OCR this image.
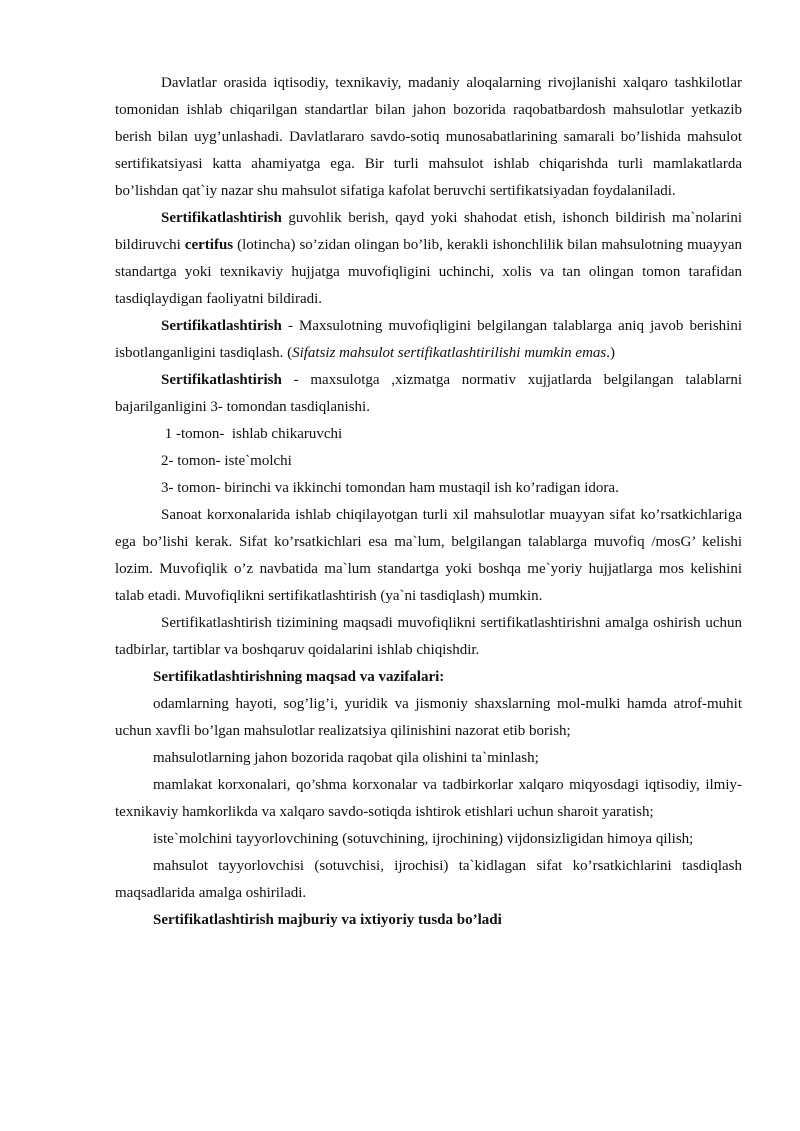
Davlatlar orasida iqtisodiy, texnikaviy, madaniy aloqalarning rivojlanishi xalqaro tashkilotlar tomonidan ishlab chiqarilgan standartlar bilan jahon bozorida raqobatbardosh mahsulotlar yetkazib berish bilan uyg’unlashadi. Davlatlararo savdo-sotiq munosabatlarining samarali bo’lishida mahsulot sertifikatsiyasi katta ahamiyatga ega. Bir turli mahsulot ishlab chiqarishda turli mamlakatlarda bo’lishdan qat`iy nazar shu mahsulot sifatiga kafolat beruvchi sertifikatsiyadan foydalaniladi.

Sertifikatlashtirish guvohlik berish, qayd yoki shahodat etish, ishonch bildirish ma`nolarini bildiruvchi certifus (lotincha) so’zidan olingan bo’lib, kerakli ishonchlilik bilan mahsulotning muayyan standartga yoki texnikaviy hujjatga muvofiqligini uchinchi, xolis va tan olingan tomon tarafidan tasdiqlaydigan faoliyatni bildiradi.

Sertifikatlashtirish - Maxsulotning muvofiqligini belgilangan talablarga aniq javob berishini isbotlanganligini tasdiqlash. (Sifatsiz mahsulot sertifikatlashtirilishi mumkin emas.)

Sertifikatlashtirish - maxsulotga ,xizmatga normativ xujjatlarda belgilangan talablarni bajarilganligini 3- tomondan tasdiqlanishi.

1 -tomon-  ishlab chikaruvchi

2- tomon- iste`molchi

3- tomon- birinchi va ikkinchi tomondan ham mustaqil ish ko’radigan idora.

Sanoat korxonalarida ishlab chiqilayotgan turli xil mahsulotlar muayyan sifat ko’rsatkichlariga ega bo’lishi kerak. Sifat ko’rsatkichlari esa ma`lum, belgilangan talablarga muvofiq /mosG’ kelishi lozim. Muvofiqlik o’z navbatida ma`lum standartga yoki boshqa me`yoriy hujjatlarga mos kelishini talab etadi. Muvofiqlikni sertifikatlashtirish (ya`ni tasdiqlash) mumkin.

Sertifikatlashtirish tizimining maqsadi muvofiqlikni sertifikatlashtirishni amalga oshirish uchun tadbirlar, tartiblar va boshqaruv qoidalarini ishlab chiqishdir.

Sertifikatlashtirishning maqsad va vazifalari:

odamlarning hayoti, sog’lig’i, yuridik va jismoniy shaxslarning mol-mulki hamda atrof-muhit uchun xavfli bo’lgan mahsulotlar realizatsiya qilinishini nazorat etib borish;

mahsulotlarning jahon bozorida raqobat qila olishini ta`minlash;

mamlakat korxonalari, qo’shma korxonalar va tadbirkorlar xalqaro miqyosdagi iqtisodiy, ilmiy-texnikaviy hamkorlikda va xalqaro savdo-sotiqda ishtirok etishlari uchun sharoit yaratish;

iste`molchini tayyorlovchining (sotuvchining, ijrochining) vijdonsizligidan himoya qilish;

mahsulot tayyorlovchisi (sotuvchisi, ijrochisi) ta`kidlagan sifat ko’rsatkichlarini tasdiqlash maqsadlarida amalga oshiriladi.

Sertifikatlashtirish majburiy va ixtiyoriy tusda bo’ladi
